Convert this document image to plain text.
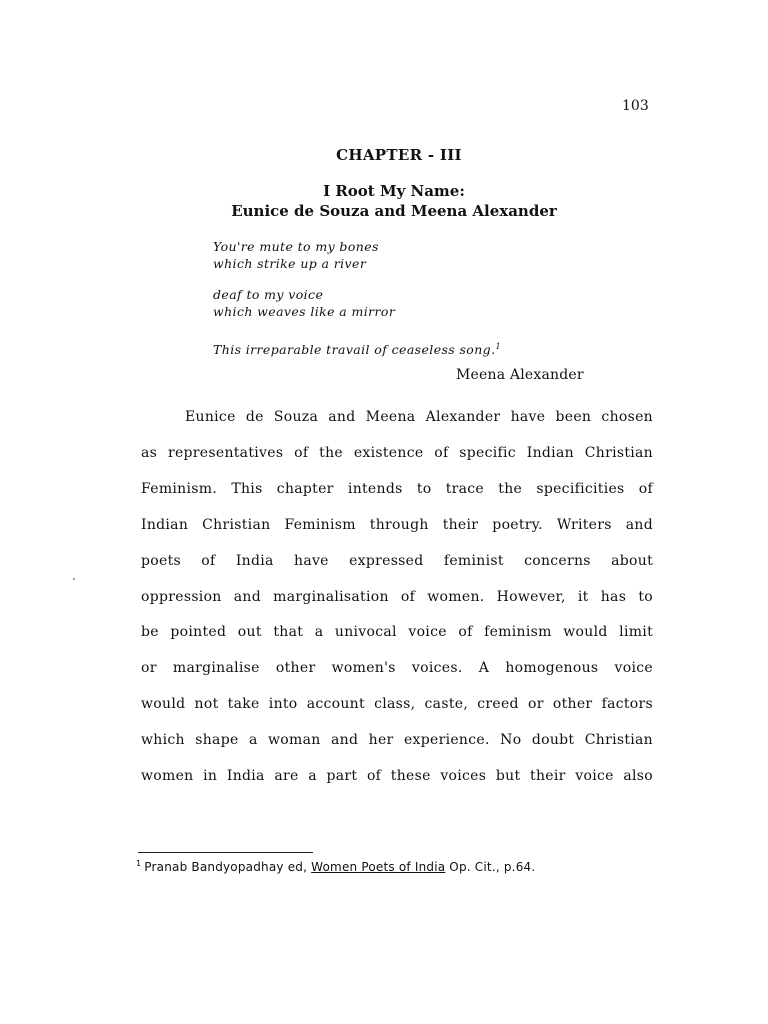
103
CHAPTER - III
I Root My Name:
Eunice de Souza and Meena Alexander
You're mute to my bones
which strike up a river
deaf to my voice
which weaves like a mirror
This irreparable travail of ceaseless song.$^1$
Meena Alexander
Eunice de Souza and Meena Alexander have been chosen
as representatives of the existence of specific Indian Christian
Feminism. This chapter intends to trace the specificities of
Indian Christian Feminism through their poetry. Writers and
poets of India have expressed feminist concerns about
oppression and marginalisation of women. However, it has to
be pointed out that a univocal voice of feminism would limit
or marginalise other women's voices. A homogenous voice
would not take into account class, caste, creed or other factors
which shape a woman and her experience. No doubt Christian
women in India are a part of these voices but their voice also
$^1$ Pranab Bandyopadhay ed, Women Poets of India Op. Cit., p.64.
